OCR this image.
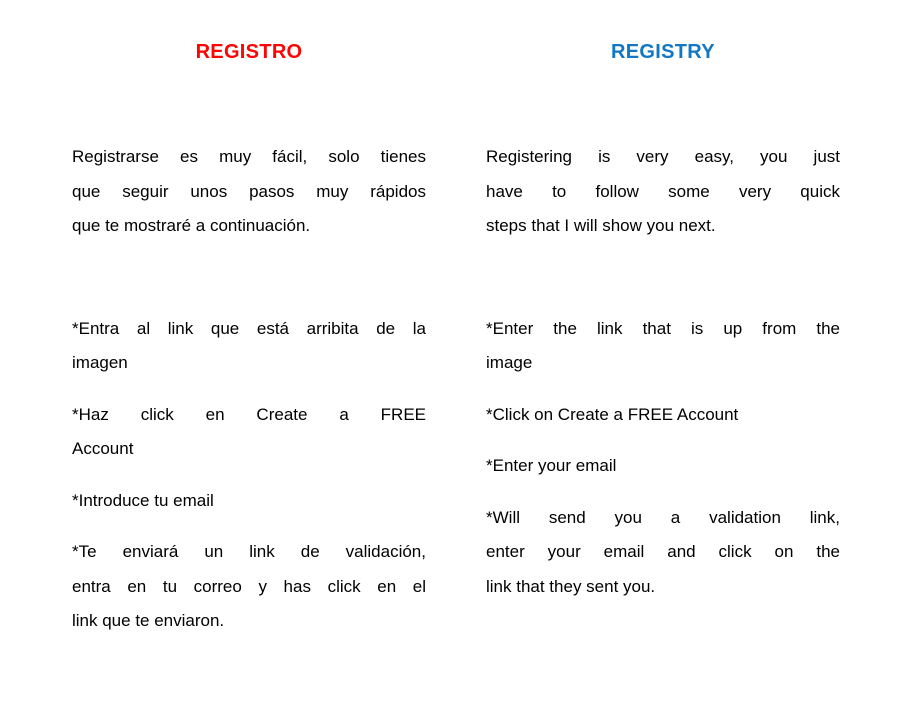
REGISTRO	REGISTRY
Registrarse es muy fácil, solo tienes
que seguir unos pasos muy rápidos
que te mostraré a continuación.
*Entra al link que está arribita de la
imagen
*Haz click en Create a FREE
Account
*Introduce tu email
*Te enviará un link de validación,
entra en tu correo y has click en el
link que te enviaron.
Registering is very easy, you just
have to follow some very quick
steps that I will show you next.
*Enter the link that is up from the
image
*Click on Create a FREE Account
*Enter your email
*Will send you a validation link,
enter your email and click on the
link that they sent you.
